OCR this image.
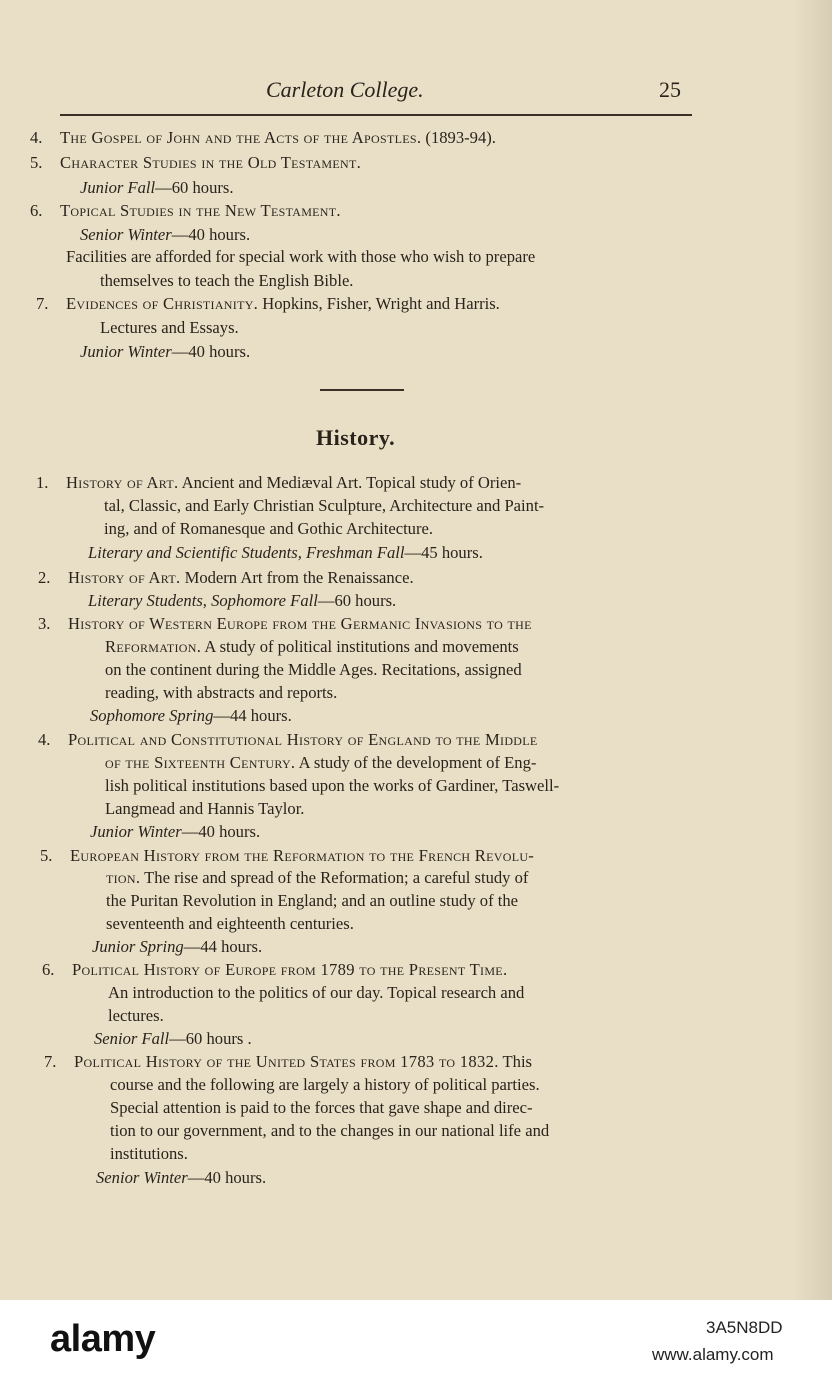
Carleton College.	25
4. The Gospel of John and the Acts of the Apostles. (1893-94).
5. Character Studies in the Old Testament.
Junior Fall—60 hours.
6. Topical Studies in the New Testament.
Senior Winter—40 hours.
Facilities are afforded for special work with those who wish to prepare
themselves to teach the English Bible.
7. Evidences of Christianity. Hopkins, Fisher, Wright and Harris.
Lectures and Essays.
Junior Winter—40 hours.
History.
1. History of Art. Ancient and Mediæval Art. Topical study of Orien-
tal, Classic, and Early Christian Sculpture, Architecture and Paint-
ing, and of Romanesque and Gothic Architecture.
Literary and Scientific Students, Freshman Fall—45 hours.
2. History of Art. Modern Art from the Renaissance.
Literary Students, Sophomore Fall—60 hours.
3. History of Western Europe from the Germanic Invasions to the
Reformation. A study of political institutions and movements
on the continent during the Middle Ages. Recitations, assigned
reading, with abstracts and reports.
Sophomore Spring—44 hours.
4. Political and Constitutional History of England to the Middle
of the Sixteenth Century. A study of the development of Eng-
lish political institutions based upon the works of Gardiner, Taswell-
Langmead and Hannis Taylor.
Junior Winter—40 hours.
5. European History from the Reformation to the French Revolu-
tion. The rise and spread of the Reformation; a careful study of
the Puritan Revolution in England; and an outline study of the
seventeenth and eighteenth centuries.
Junior Spring—44 hours.
6. Political History of Europe from 1789 to the Present Time.
An introduction to the politics of our day. Topical research and
lectures.
Senior Fall—60 hours .
7. Political History of the United States from 1783 to 1832. This
course and the following are largely a history of political parties.
Special attention is paid to the forces that gave shape and direc-
tion to our government, and to the changes in our national life and
institutions.
Senior Winter—40 hours.
alamy	3A5N8DD
www.alamy.com
